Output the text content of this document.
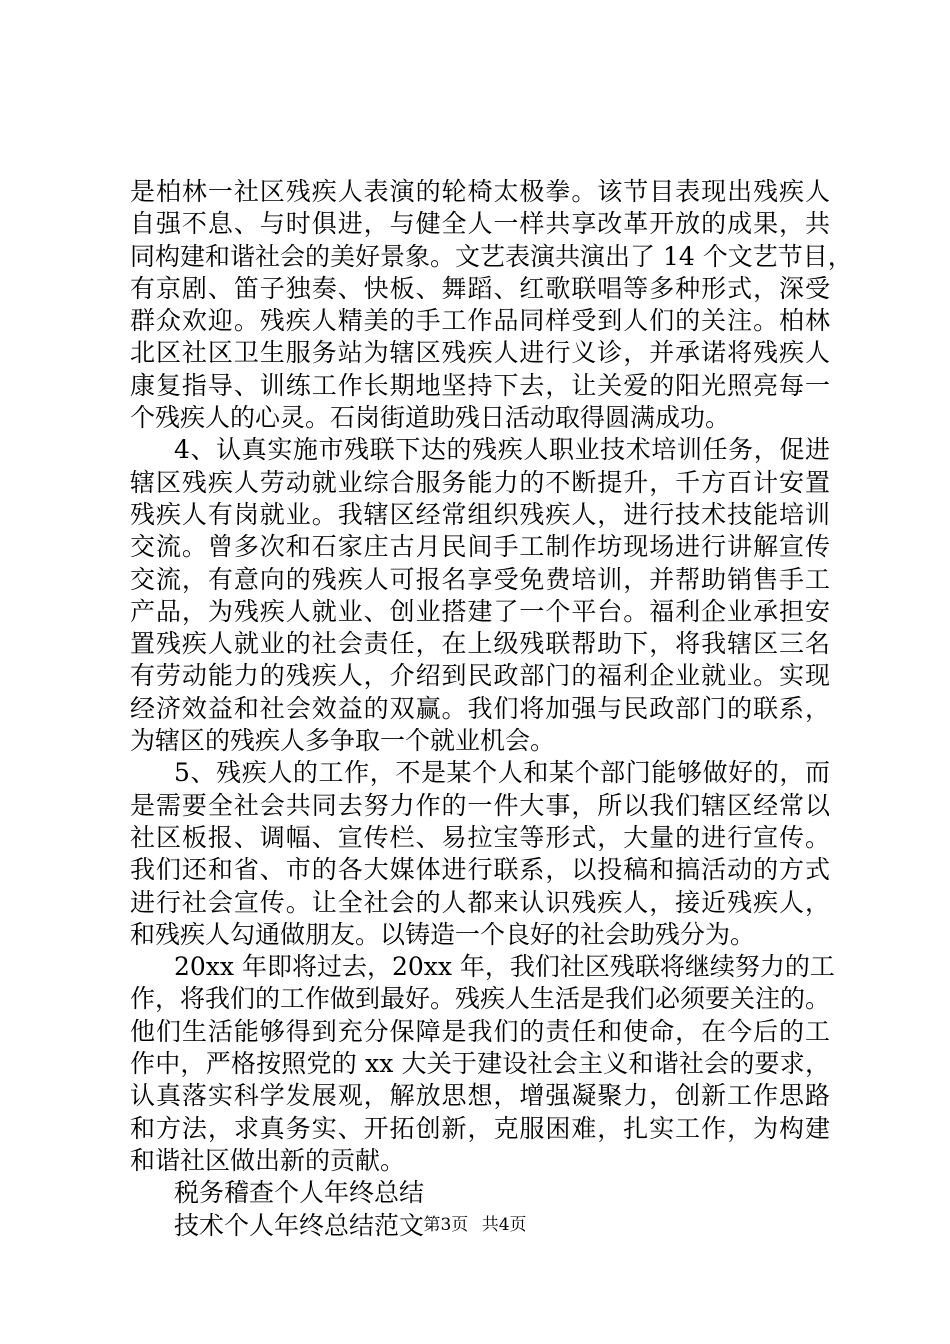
是柏林一社区残疾人表演的轮椅太极拳。该节目表现出残疾人
自强不息、与时俱进，与健全人一样共享改革开放的成果，共
同构建和谐社会的美好景象。文艺表演共演出了 14 个文艺节目，
有京剧、笛子独奏、快板、舞蹈、红歌联唱等多种形式，深受
群众欢迎。残疾人精美的手工作品同样受到人们的关注。柏林
北区社区卫生服务站为辖区残疾人进行义诊，并承诺将残疾人
康复指导、训练工作长期地坚持下去，让关爱的阳光照亮每一
个残疾人的心灵。石岗街道助残日活动取得圆满成功。
4、认真实施市残联下达的残疾人职业技术培训任务，促进
辖区残疾人劳动就业综合服务能力的不断提升，千方百计安置
残疾人有岗就业。我辖区经常组织残疾人，进行技术技能培训
交流。曾多次和石家庄古月民间手工制作坊现场进行讲解宣传
交流，有意向的残疾人可报名享受免费培训，并帮助销售手工
产品，为残疾人就业、创业搭建了一个平台。福利企业承担安
置残疾人就业的社会责任，在上级残联帮助下，将我辖区三名
有劳动能力的残疾人，介绍到民政部门的福利企业就业。实现
经济效益和社会效益的双赢。我们将加强与民政部门的联系，
为辖区的残疾人多争取一个就业机会。
5、残疾人的工作，不是某个人和某个部门能够做好的，而
是需要全社会共同去努力作的一件大事，所以我们辖区经常以
社区板报、调幅、宣传栏、易拉宝等形式，大量的进行宣传。
我们还和省、市的各大媒体进行联系，以投稿和搞活动的方式
进行社会宣传。让全社会的人都来认识残疾人，接近残疾人，
和残疾人勾通做朋友。以铸造一个良好的社会助残分为。
20xx 年即将过去，20xx 年，我们社区残联将继续努力的工
作，将我们的工作做到最好。残疾人生活是我们必须要关注的。
他们生活能够得到充分保障是我们的责任和使命，在今后的工
作中，严格按照党的 xx 大关于建设社会主义和谐社会的要求，
认真落实科学发展观，解放思想，增强凝聚力，创新工作思路
和方法，求真务实、开拓创新，克服困难，扎实工作，为构建
和谐社区做出新的贡献。
税务稽查个人年终总结
技术个人年终总结范文 第3页 共4页
